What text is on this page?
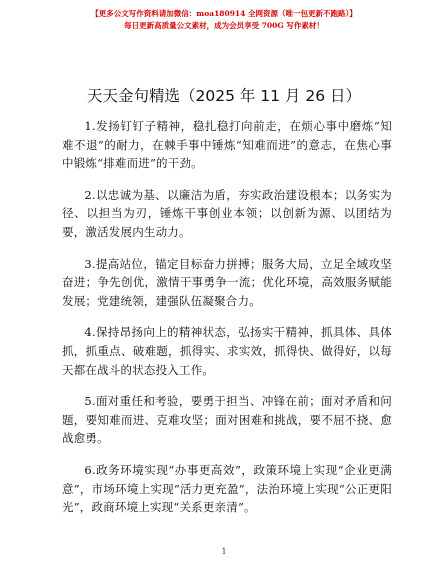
【更多公文写作资料请加微信：moa180914 全网资源（唯一包更新不跑路）】
每日更新高质量公文素材，成为会员享受 700G 写作素材！
天天金句精选（2025 年 11 月 26 日）

1.发扬钉钉子精神，稳扎稳打向前走，在烦心事中磨炼“知难不退”的耐力，在棘手事中锤炼“知难而进”的意志，在焦心事中锻炼“排难而进”的干劲。

2.以忠诚为基、以廉洁为盾，夯实政治建设根本；以务实为径、以担当为刃，锤炼干事创业本领；以创新为源、以团结为要，激活发展内生动力。

3.提高站位，锚定目标奋力拼搏；服务大局，立足全域攻坚奋进；争先创优，激情干事勇争一流；优化环境，高效服务赋能发展；党建统领，建强队伍凝聚合力。

4.保持昂扬向上的精神状态，弘扬实干精神，抓具体、具体抓，抓重点、破难题，抓得实、求实效，抓得快、做得好，以每天都在战斗的状态投入工作。

5.面对重任和考验，要勇于担当、冲锋在前；面对矛盾和问题，要知难而进、克难攻坚；面对困难和挑战，要不屈不挠、愈战愈勇。

6.政务环境实现“办事更高效”，政策环境上实现“企业更满意”，市场环境上实现“活力更充盈”，法治环境上实现“公正更阳光”，政商环境上实现“关系更亲清”。

1
